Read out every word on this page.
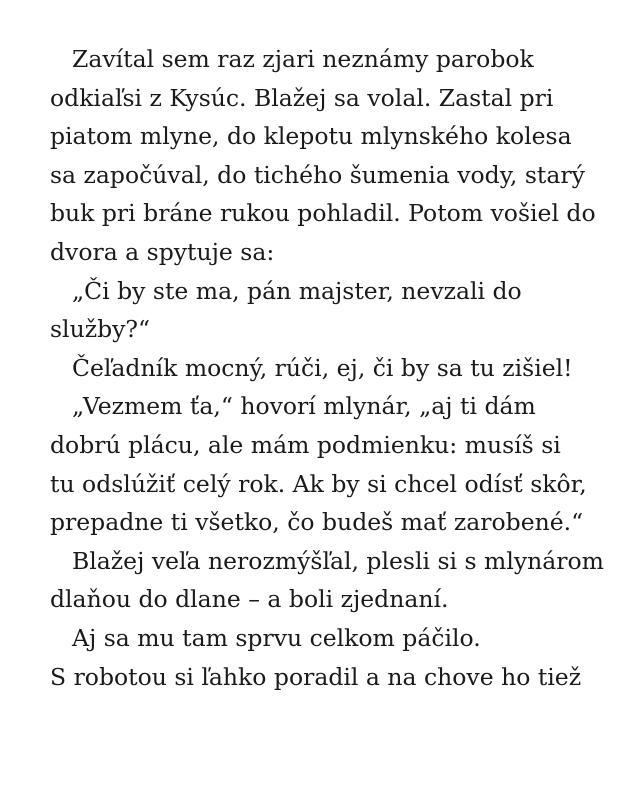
Zavítal sem raz zjari neznámy parobok
odkiaľsi z Kysúc. Blažej sa volal. Zastal pri
piatom mlyne, do klepotu mlynského kolesa
sa započúval, do tichého šumenia vody, starý
buk pri bráne rukou pohladil. Potom vošiel do
dvora a spytuje sa:
„Či by ste ma, pán majster, nevzali do
služby?“
Čeľadník mocný, rúči, ej, či by sa tu zišiel!
„Vezmem ťa,“ hovorí mlynár, „aj ti dám
dobrú plácu, ale mám podmienku: musíš si
tu odslúžiť celý rok. Ak by si chcel odísť skôr,
prepadne ti všetko, čo budeš mať zarobené.“
Blažej veľa nerozmýšľal, plesli si s mlynárom
dlaňou do dlane – a boli zjednaní.
Aj sa mu tam sprvu celkom páčilo.
S robotou si ľahko poradil a na chove ho tiež
